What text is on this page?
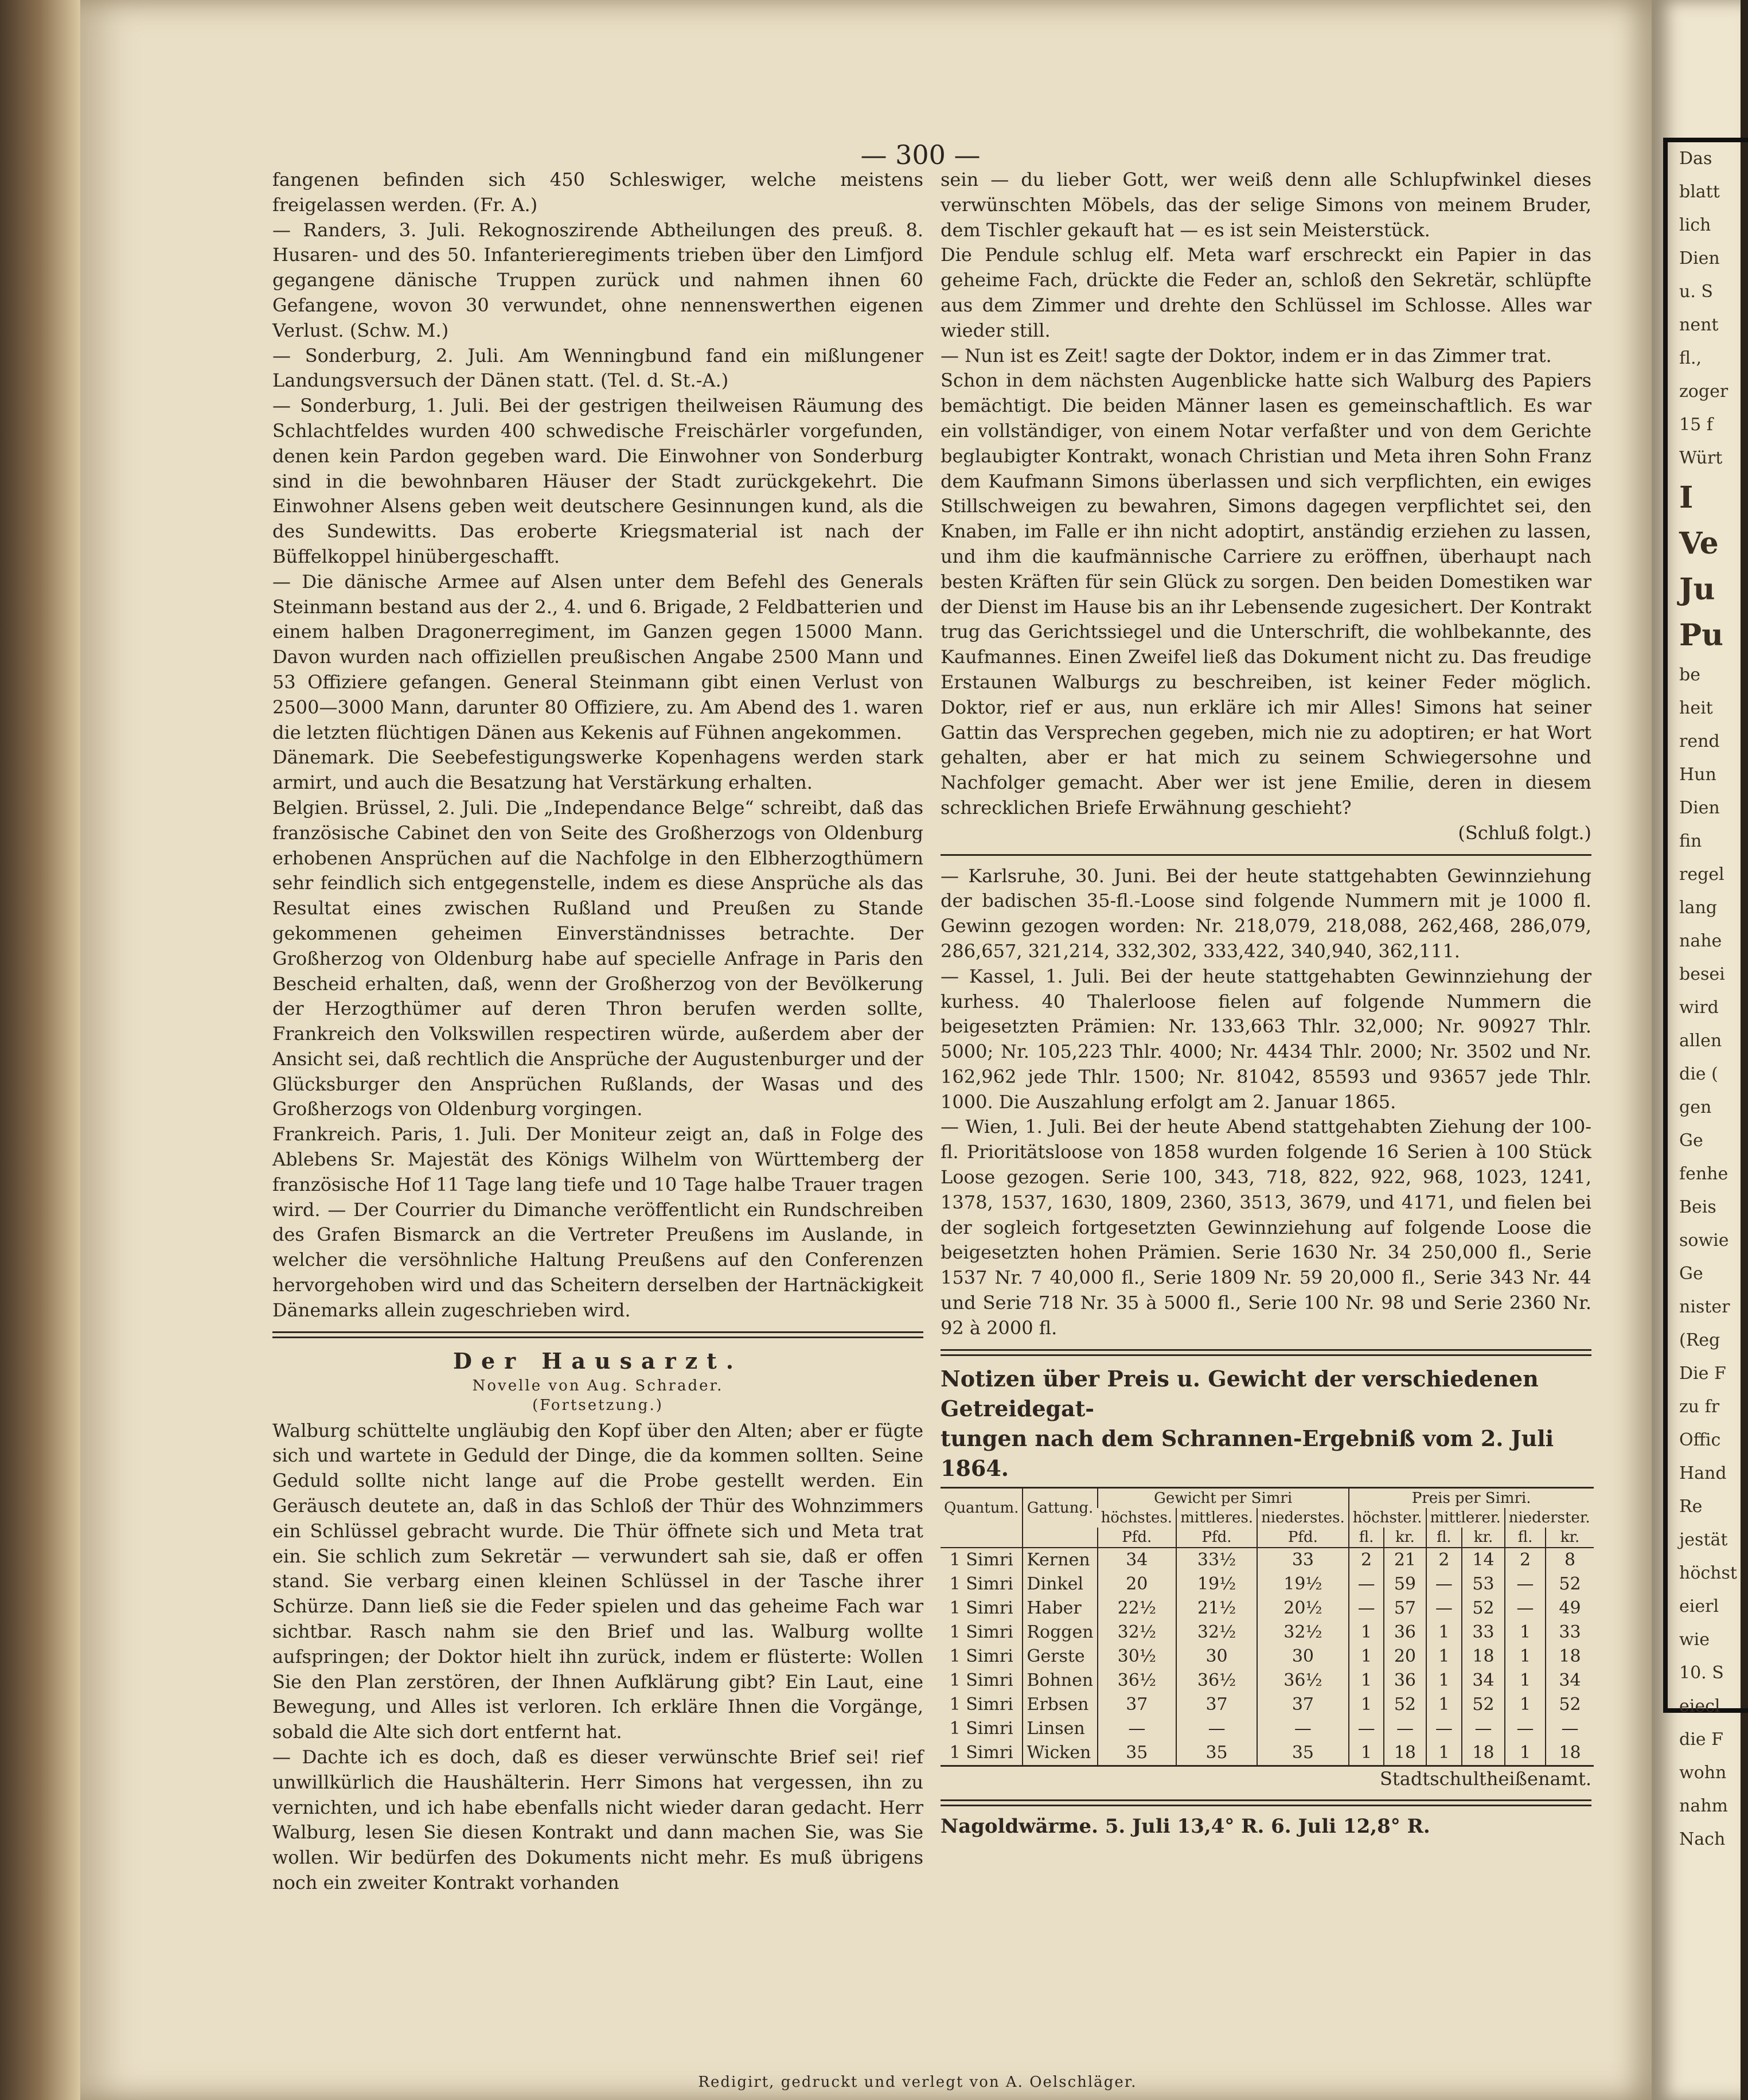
Das
blatt
lich
Dien
u. S
nent
fl.,
zoger
15 f
Würt
I
Ve
Ju
Pu
be
heit
rend
Hun
Dien
fin
regel
lang
nahe
besei
wird
allen
die (
gen
Ge
fenhe
Beis
sowie
Ge
nister
(Reg
Die F
zu fr
Offic
Hand
Re
jestät
höchst
eierl
wie
10. S
eiecl
die F
wohn
nahm
Nach
— 300 —

fangenen befinden sich 450 Schleswiger, welche meistens freigelassen werden. (Fr. A.)

— Randers, 3. Juli. Rekognoszirende Abtheilungen des preuß. 8. Husaren- und des 50. Infanterieregiments trieben über den Limfjord gegangene dänische Truppen zurück und nahmen ihnen 60 Gefangene, wovon 30 verwundet, ohne nennenswerthen eigenen Verlust. (Schw. M.)

— Sonderburg, 2. Juli. Am Wenningbund fand ein mißlungener Landungsversuch der Dänen statt. (Tel. d. St.-A.)

— Sonderburg, 1. Juli. Bei der gestrigen theilweisen Räumung des Schlachtfeldes wurden 400 schwedische Freischärler vorgefunden, denen kein Pardon gegeben ward. Die Einwohner von Sonderburg sind in die bewohnbaren Häuser der Stadt zurückgekehrt. Die Einwohner Alsens geben weit deutschere Gesinnungen kund, als die des Sundewitts. Das eroberte Kriegsmaterial ist nach der Büffelkoppel hinübergeschafft.

— Die dänische Armee auf Alsen unter dem Befehl des Generals Steinmann bestand aus der 2., 4. und 6. Brigade, 2 Feldbatterien und einem halben Dragonerregiment, im Ganzen gegen 15000 Mann. Davon wurden nach offiziellen preußischen Angabe 2500 Mann und 53 Offiziere gefangen. General Steinmann gibt einen Verlust von 2500—3000 Mann, darunter 80 Offiziere, zu. Am Abend des 1. waren die letzten flüchtigen Dänen aus Kekenis auf Fühnen angekommen.

Dänemark. Die Seebefestigungswerke Kopenhagens werden stark armirt, und auch die Besatzung hat Verstärkung erhalten.

Belgien. Brüssel, 2. Juli. Die „Independance Belge“ schreibt, daß das französische Cabinet den von Seite des Großherzogs von Oldenburg erhobenen Ansprüchen auf die Nachfolge in den Elbherzogthümern sehr feindlich sich entgegenstelle, indem es diese Ansprüche als das Resultat eines zwischen Rußland und Preußen zu Stande gekommenen geheimen Einverständnisses betrachte. Der Großherzog von Oldenburg habe auf specielle Anfrage in Paris den Bescheid erhalten, daß, wenn der Großherzog von der Bevölkerung der Herzogthümer auf deren Thron berufen werden sollte, Frankreich den Volkswillen respectiren würde, außerdem aber der Ansicht sei, daß rechtlich die Ansprüche der Augustenburger und der Glücksburger den Ansprüchen Rußlands, der Wasas und des Großherzogs von Oldenburg vorgingen.

Frankreich. Paris, 1. Juli. Der Moniteur zeigt an, daß in Folge des Ablebens Sr. Majestät des Königs Wilhelm von Württemberg der französische Hof 11 Tage lang tiefe und 10 Tage halbe Trauer tragen wird. — Der Courrier du Dimanche veröffentlicht ein Rundschreiben des Grafen Bismarck an die Vertreter Preußens im Auslande, in welcher die versöhnliche Haltung Preußens auf den Conferenzen hervorgehoben wird und das Scheitern derselben der Hartnäckigkeit Dänemarks allein zugeschrieben wird.

Der Hausarzt.
Novelle von Aug. Schrader.
(Fortsetzung.)

Walburg schüttelte ungläubig den Kopf über den Alten; aber er fügte sich und wartete in Geduld der Dinge, die da kommen sollten. Seine Geduld sollte nicht lange auf die Probe gestellt werden. Ein Geräusch deutete an, daß in das Schloß der Thür des Wohnzimmers ein Schlüssel gebracht wurde. Die Thür öffnete sich und Meta trat ein. Sie schlich zum Sekretär — verwundert sah sie, daß er offen stand. Sie verbarg einen kleinen Schlüssel in der Tasche ihrer Schürze. Dann ließ sie die Feder spielen und das geheime Fach war sichtbar. Rasch nahm sie den Brief und las. Walburg wollte aufspringen; der Doktor hielt ihn zurück, indem er flüsterte: Wollen Sie den Plan zerstören, der Ihnen Aufklärung gibt? Ein Laut, eine Bewegung, und Alles ist verloren. Ich erkläre Ihnen die Vorgänge, sobald die Alte sich dort entfernt hat.

— Dachte ich es doch, daß es dieser verwünschte Brief sei! rief unwillkürlich die Haushälterin. Herr Simons hat vergessen, ihn zu vernichten, und ich habe ebenfalls nicht wieder daran gedacht. Herr Walburg, lesen Sie diesen Kontrakt und dann machen Sie, was Sie wollen. Wir bedürfen des Dokuments nicht mehr. Es muß übrigens noch ein zweiter Kontrakt vorhanden

sein — du lieber Gott, wer weiß denn alle Schlupfwinkel dieses verwünschten Möbels, das der selige Simons von meinem Bruder, dem Tischler gekauft hat — es ist sein Meisterstück.

Die Pendule schlug elf. Meta warf erschreckt ein Papier in das geheime Fach, drückte die Feder an, schloß den Sekretär, schlüpfte aus dem Zimmer und drehte den Schlüssel im Schlosse. Alles war wieder still.

— Nun ist es Zeit! sagte der Doktor, indem er in das Zimmer trat.

Schon in dem nächsten Augenblicke hatte sich Walburg des Papiers bemächtigt. Die beiden Männer lasen es gemeinschaftlich. Es war ein vollständiger, von einem Notar verfaßter und von dem Gerichte beglaubigter Kontrakt, wonach Christian und Meta ihren Sohn Franz dem Kaufmann Simons überlassen und sich verpflichten, ein ewiges Stillschweigen zu bewahren, Simons dagegen verpflichtet sei, den Knaben, im Falle er ihn nicht adoptirt, anständig erziehen zu lassen, und ihm die kaufmännische Carriere zu eröffnen, überhaupt nach besten Kräften für sein Glück zu sorgen. Den beiden Domestiken war der Dienst im Hause bis an ihr Lebensende zugesichert. Der Kontrakt trug das Gerichtssiegel und die Unterschrift, die wohlbekannte, des Kaufmannes. Einen Zweifel ließ das Dokument nicht zu. Das freudige Erstaunen Walburgs zu beschreiben, ist keiner Feder möglich. Doktor, rief er aus, nun erkläre ich mir Alles! Simons hat seiner Gattin das Versprechen gegeben, mich nie zu adoptiren; er hat Wort gehalten, aber er hat mich zu seinem Schwiegersohne und Nachfolger gemacht. Aber wer ist jene Emilie, deren in diesem schrecklichen Briefe Erwähnung geschieht?

(Schluß folgt.)

— Karlsruhe, 30. Juni. Bei der heute stattgehabten Gewinnziehung der badischen 35-fl.-Loose sind folgende Nummern mit je 1000 fl. Gewinn gezogen worden: Nr. 218,079, 218,088, 262,468, 286,079, 286,657, 321,214, 332,302, 333,422, 340,940, 362,111.

— Kassel, 1. Juli. Bei der heute stattgehabten Gewinnziehung der kurhess. 40 Thalerloose fielen auf folgende Nummern die beigesetzten Prämien: Nr. 133,663 Thlr. 32,000; Nr. 90927 Thlr. 5000; Nr. 105,223 Thlr. 4000; Nr. 4434 Thlr. 2000; Nr. 3502 und Nr. 162,962 jede Thlr. 1500; Nr. 81042, 85593 und 93657 jede Thlr. 1000. Die Auszahlung erfolgt am 2. Januar 1865.

— Wien, 1. Juli. Bei der heute Abend stattgehabten Ziehung der 100-fl. Prioritätsloose von 1858 wurden folgende 16 Serien à 100 Stück Loose gezogen. Serie 100, 343, 718, 822, 922, 968, 1023, 1241, 1378, 1537, 1630, 1809, 2360, 3513, 3679, und 4171, und fielen bei der sogleich fortgesetzten Gewinnziehung auf folgende Loose die beigesetzten hohen Prämien. Serie 1630 Nr. 34 250,000 fl., Serie 1537 Nr. 7 40,000 fl., Serie 1809 Nr. 59 20,000 fl., Serie 343 Nr. 44 und Serie 718 Nr. 35 à 5000 fl., Serie 100 Nr. 98 und Serie 2360 Nr. 92 à 2000 fl.

Notizen über Preis u. Gewicht der verschiedenen Getreidegat-
tungen nach dem Schrannen-Ergebniß vom 2. Juli 1864.
Quantum.	Gattung.	Gewicht per Simri			Preis per Simri.					
		höchstes.	mittleres.	niederstes.	höchster.		mittlerer.		niederster.	
		Pfd.	Pfd.	Pfd.	fl.	kr.	fl.	kr.	fl.	kr.
1 Simri	Kernen	34	33½	33	2	21	2	14	2	8
1 Simri	Dinkel	20	19½	19½	—	59	—	53	—	52
1 Simri	Haber	22½	21½	20½	—	57	—	52	—	49
1 Simri	Roggen	32½	32½	32½	1	36	1	33	1	33
1 Simri	Gerste	30½	30	30	1	20	1	18	1	18
1 Simri	Bohnen	36½	36½	36½	1	36	1	34	1	34
1 Simri	Erbsen	37	37	37	1	52	1	52	1	52
1 Simri	Linsen	—	—	—	—	—	—	—	—	—
1 Simri	Wicken	35	35	35	1	18	1	18	1	18
Stadtschultheißenamt.
Nagoldwärme. 5. Juli 13,4° R. 6. Juli 12,8° R.
Redigirt, gedruckt und verlegt von A. Oelschläger.
